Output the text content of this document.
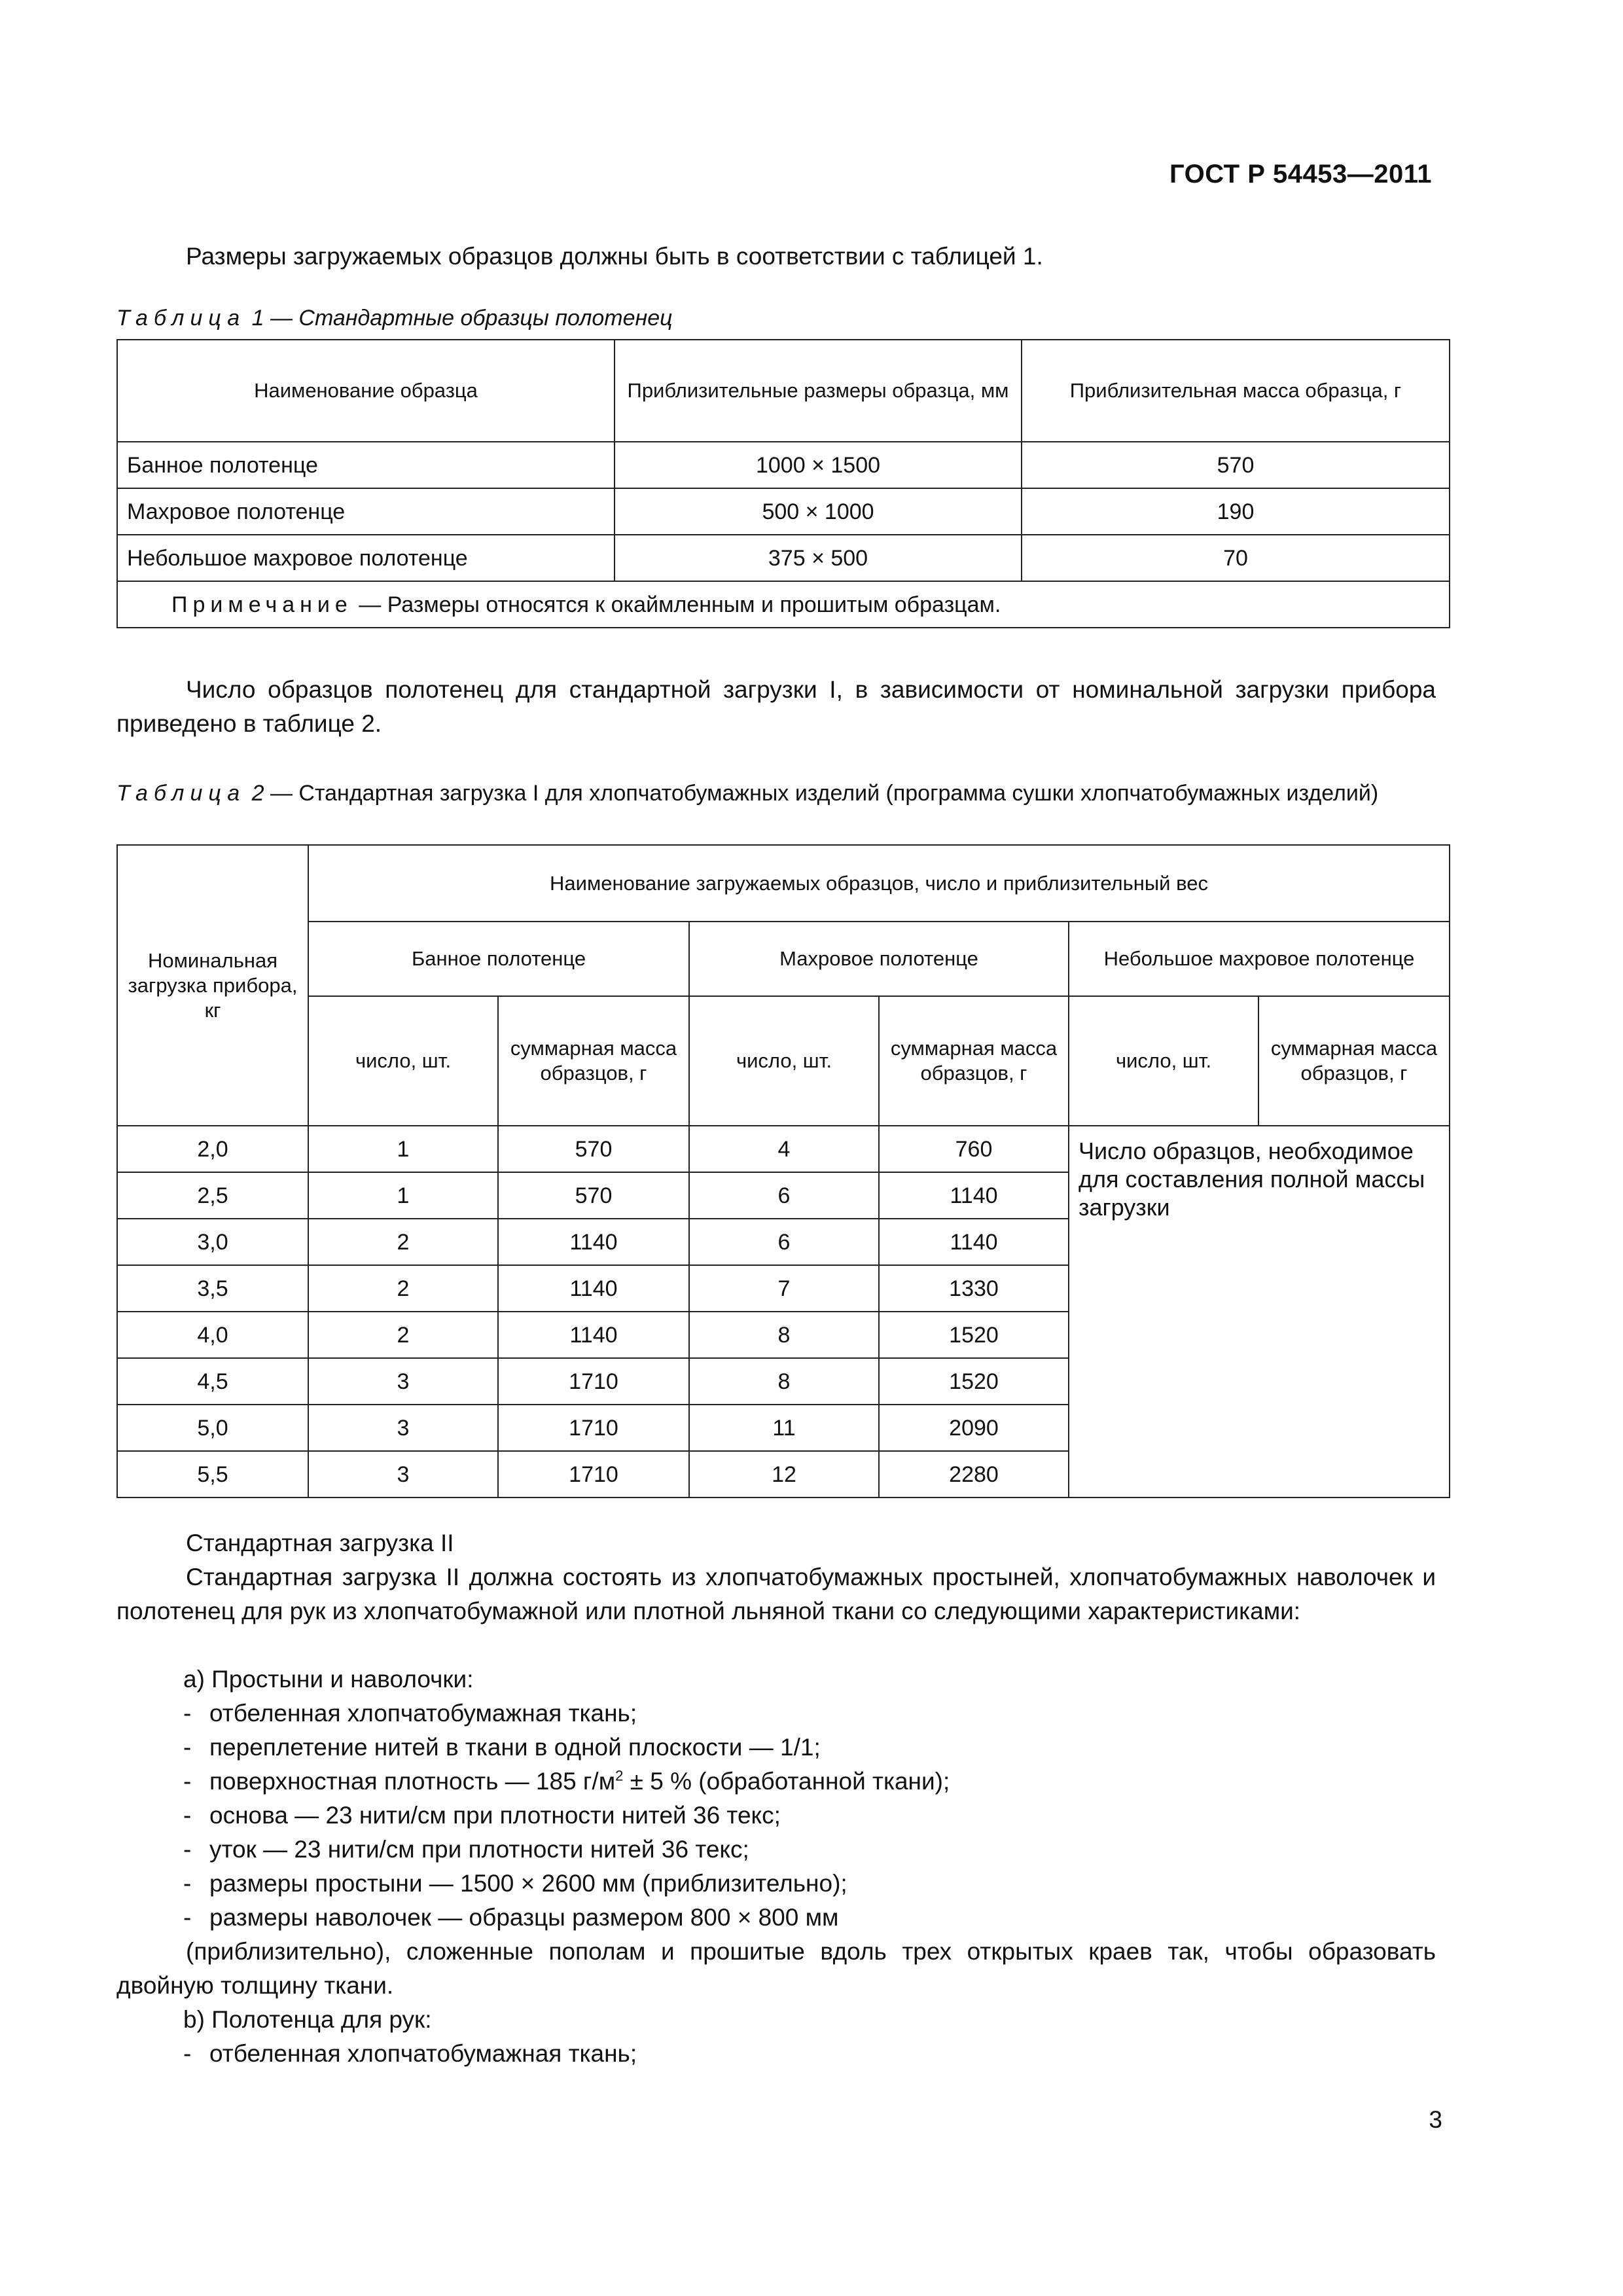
ГОСТ Р 54453—2011
Размеры загружаемых образцов должны быть в соответствии с таблицей 1.
Таблица 1 — Стандартные образцы полотенец
Наименование образца	Приблизительные размеры образца, мм	Приблизительная масса образца, г
Банное полотенце	1000 × 1500	570
Махровое полотенце	500 × 1000	190
Небольшое махровое полотенце	375 × 500	70
Примечание — Размеры относятся к окаймленным и прошитым образцам.		
Число образцов полотенец для стандартной загрузки I, в зависимости от номинальной загрузки прибора приведено в таблице 2.
Таблица 2 — Стандартная загрузка I для хлопчатобумажных изделий (программа сушки хлопчатобумажных изделий)
Номинальная загрузка прибора, кг	Наименование загружаемых образцов, число и приблизительный вес					
	Банное полотенце		Махровое полотенце		Небольшое махровое полотенце	
	число, шт.	суммарная масса образцов, г	число, шт.	суммарная масса образцов, г	число, шт.	суммарная масса образцов, г
2,0	1	570	4	760	Число образцов, необходимое для составления полной массы загрузки	
2,5	1	570	6	1140		
3,0	2	1140	6	1140		
3,5	2	1140	7	1330		
4,0	2	1140	8	1520		
4,5	3	1710	8	1520		
5,0	3	1710	11	2090		
5,5	3	1710	12	2280		
Стандартная загрузка II
Стандартная загрузка II должна состоять из хлопчатобумажных простыней, хлопчатобумажных наволочек и полотенец для рук из хлопчатобумажной или плотной льняной ткани со следующими характеристиками:
а) Простыни и наволочки:
- отбеленная хлопчатобумажная ткань;
- переплетение нитей в ткани в одной плоскости — 1/1;
- поверхностная плотность — 185 $г/м^2 \pm 5$ % (обработанной ткани);
- основа — 23 нити/см при плотности нитей 36 текс;
- уток — 23 нити/см при плотности нитей 36 текс;
- размеры простыни — 1500 × 2600 мм (приблизительно);
- размеры наволочек — образцы размером 800 × 800 мм
(приблизительно), сложенные пополам и прошитые вдоль трех открытых краев так, чтобы образовать двойную толщину ткани.
b) Полотенца для рук:
- отбеленная хлопчатобумажная ткань;
3
